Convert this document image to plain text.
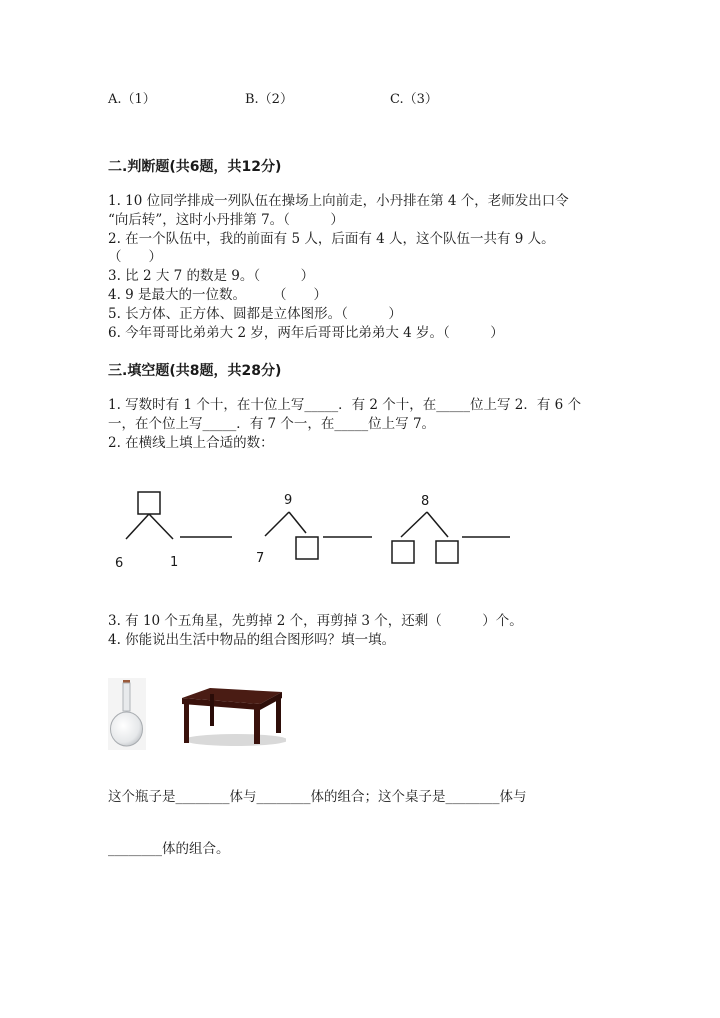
A.（1）	B.（2）	C.（3）
二.判断题(共6题，共12分)
1. 10 位同学排成一列队伍在操场上向前走，小丹排在第 4 个，老师发出口令
“向后转”，这时小丹排第 7。（　　　）
2. 在一个队伍中，我的前面有 5 人，后面有 4 人，这个队伍一共有 9 人。
（　　）
3. 比 2 大 7 的数是 9。（　　　）
4. 9 是最大的一位数。　　　（　　）
5. 长方体、正方体、圆都是立体图形。（　　　）
6. 今年哥哥比弟弟大 2 岁，两年后哥哥比弟弟大 4 岁。（　　　）
三.填空题(共8题，共28分)
1. 写数时有 1 个十，在十位上写_____．有 2 个十，在_____位上写 2．有 6 个
一，在个位上写_____．有 7 个一，在_____位上写 7。
2. 在横线上填上合适的数：
6	1
9
7
8
3. 有 10 个五角星，先剪掉 2 个，再剪掉 3 个，还剩（　　　）个。
4. 你能说出生活中物品的组合图形吗？填一填。
这个瓶子是________体与________体的组合；这个桌子是________体与
________体的组合。
